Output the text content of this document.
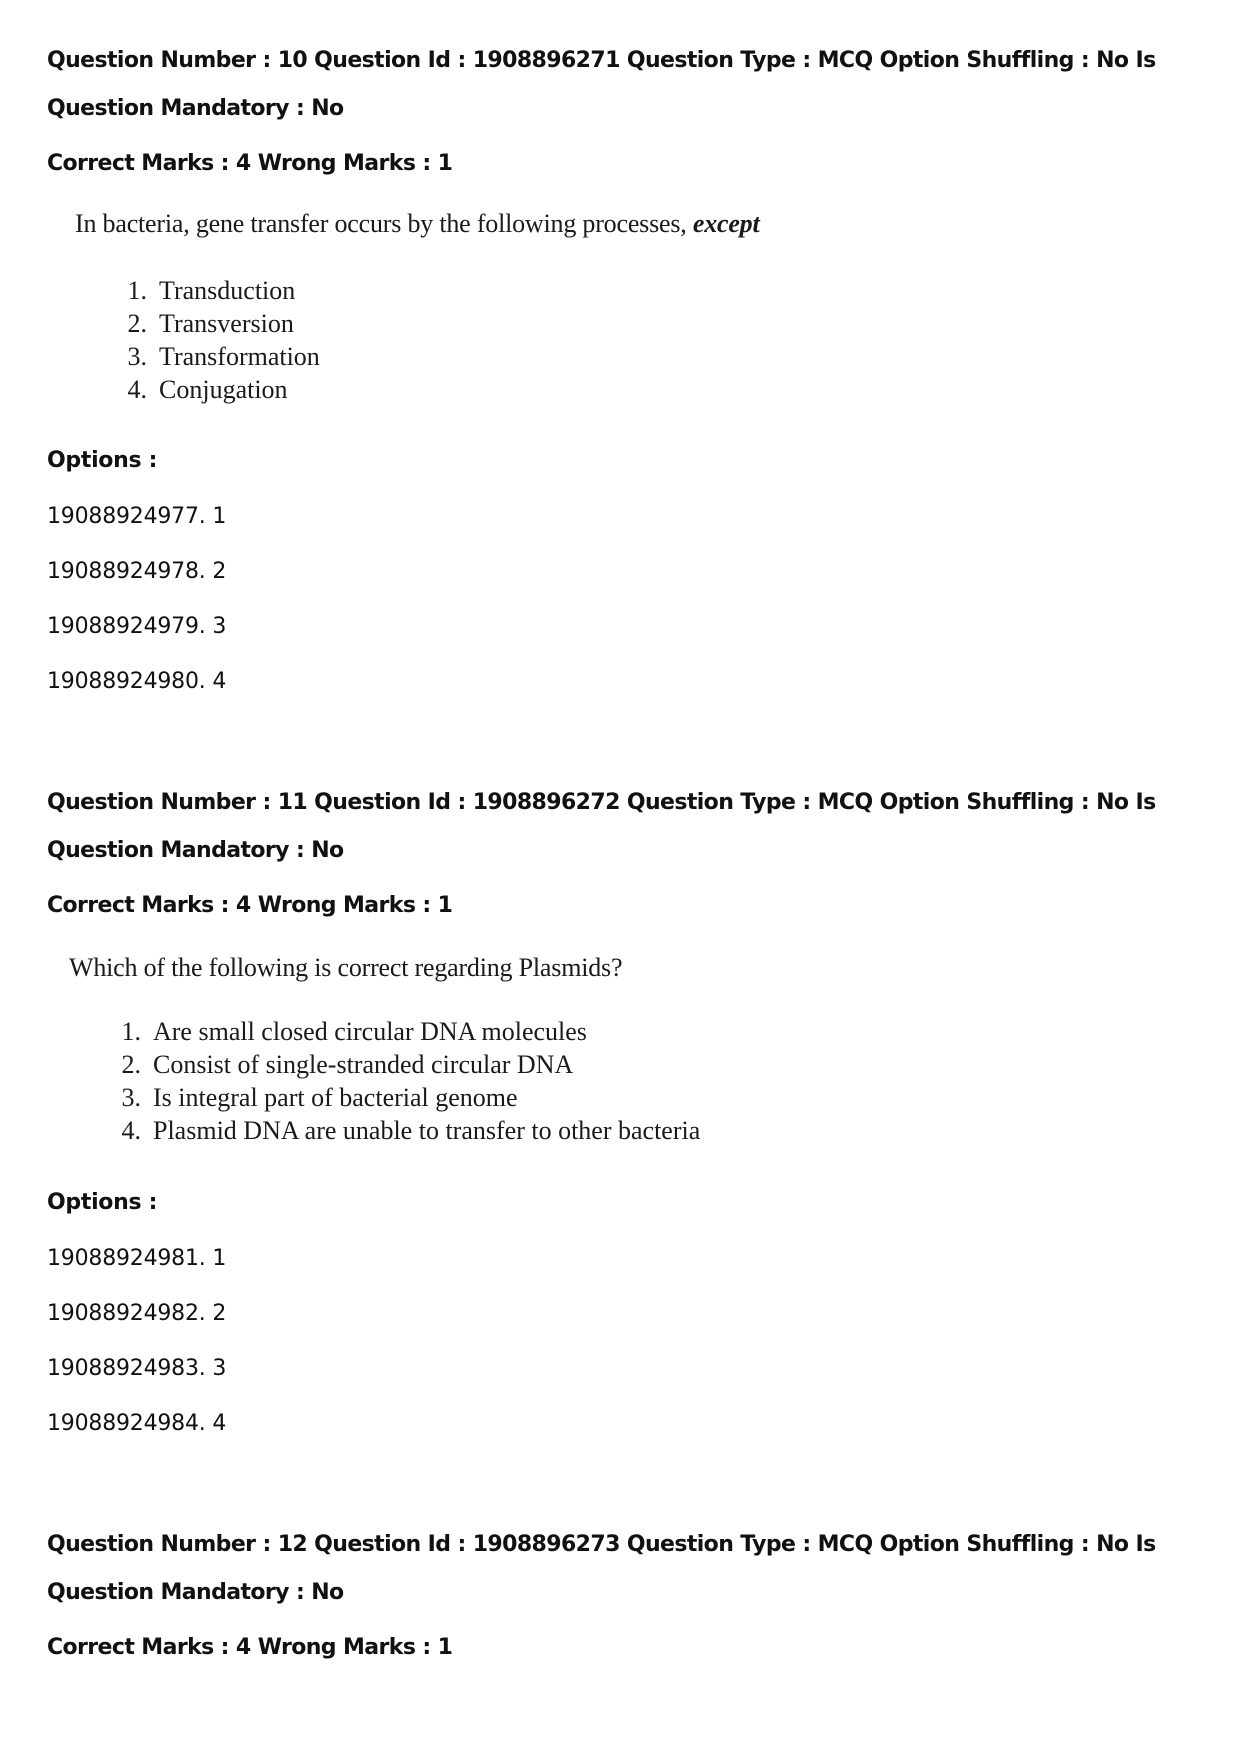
Question Number : 10 Question Id : 1908896271 Question Type : MCQ Option Shuffling : No Is
Question Mandatory : No
Correct Marks : 4 Wrong Marks : 1
In bacteria, gene transfer occurs by the following processes, except
1. Transduction
2. Transversion
3. Transformation
4. Conjugation
Options :
19088924977. 1
19088924978. 2
19088924979. 3
19088924980. 4
Question Number : 11 Question Id : 1908896272 Question Type : MCQ Option Shuffling : No Is
Question Mandatory : No
Correct Marks : 4 Wrong Marks : 1
Which of the following is correct regarding Plasmids?
1. Are small closed circular DNA molecules
2. Consist of single-stranded circular DNA
3. Is integral part of bacterial genome
4. Plasmid DNA are unable to transfer to other bacteria
Options :
19088924981. 1
19088924982. 2
19088924983. 3
19088924984. 4
Question Number : 12 Question Id : 1908896273 Question Type : MCQ Option Shuffling : No Is
Question Mandatory : No
Correct Marks : 4 Wrong Marks : 1
